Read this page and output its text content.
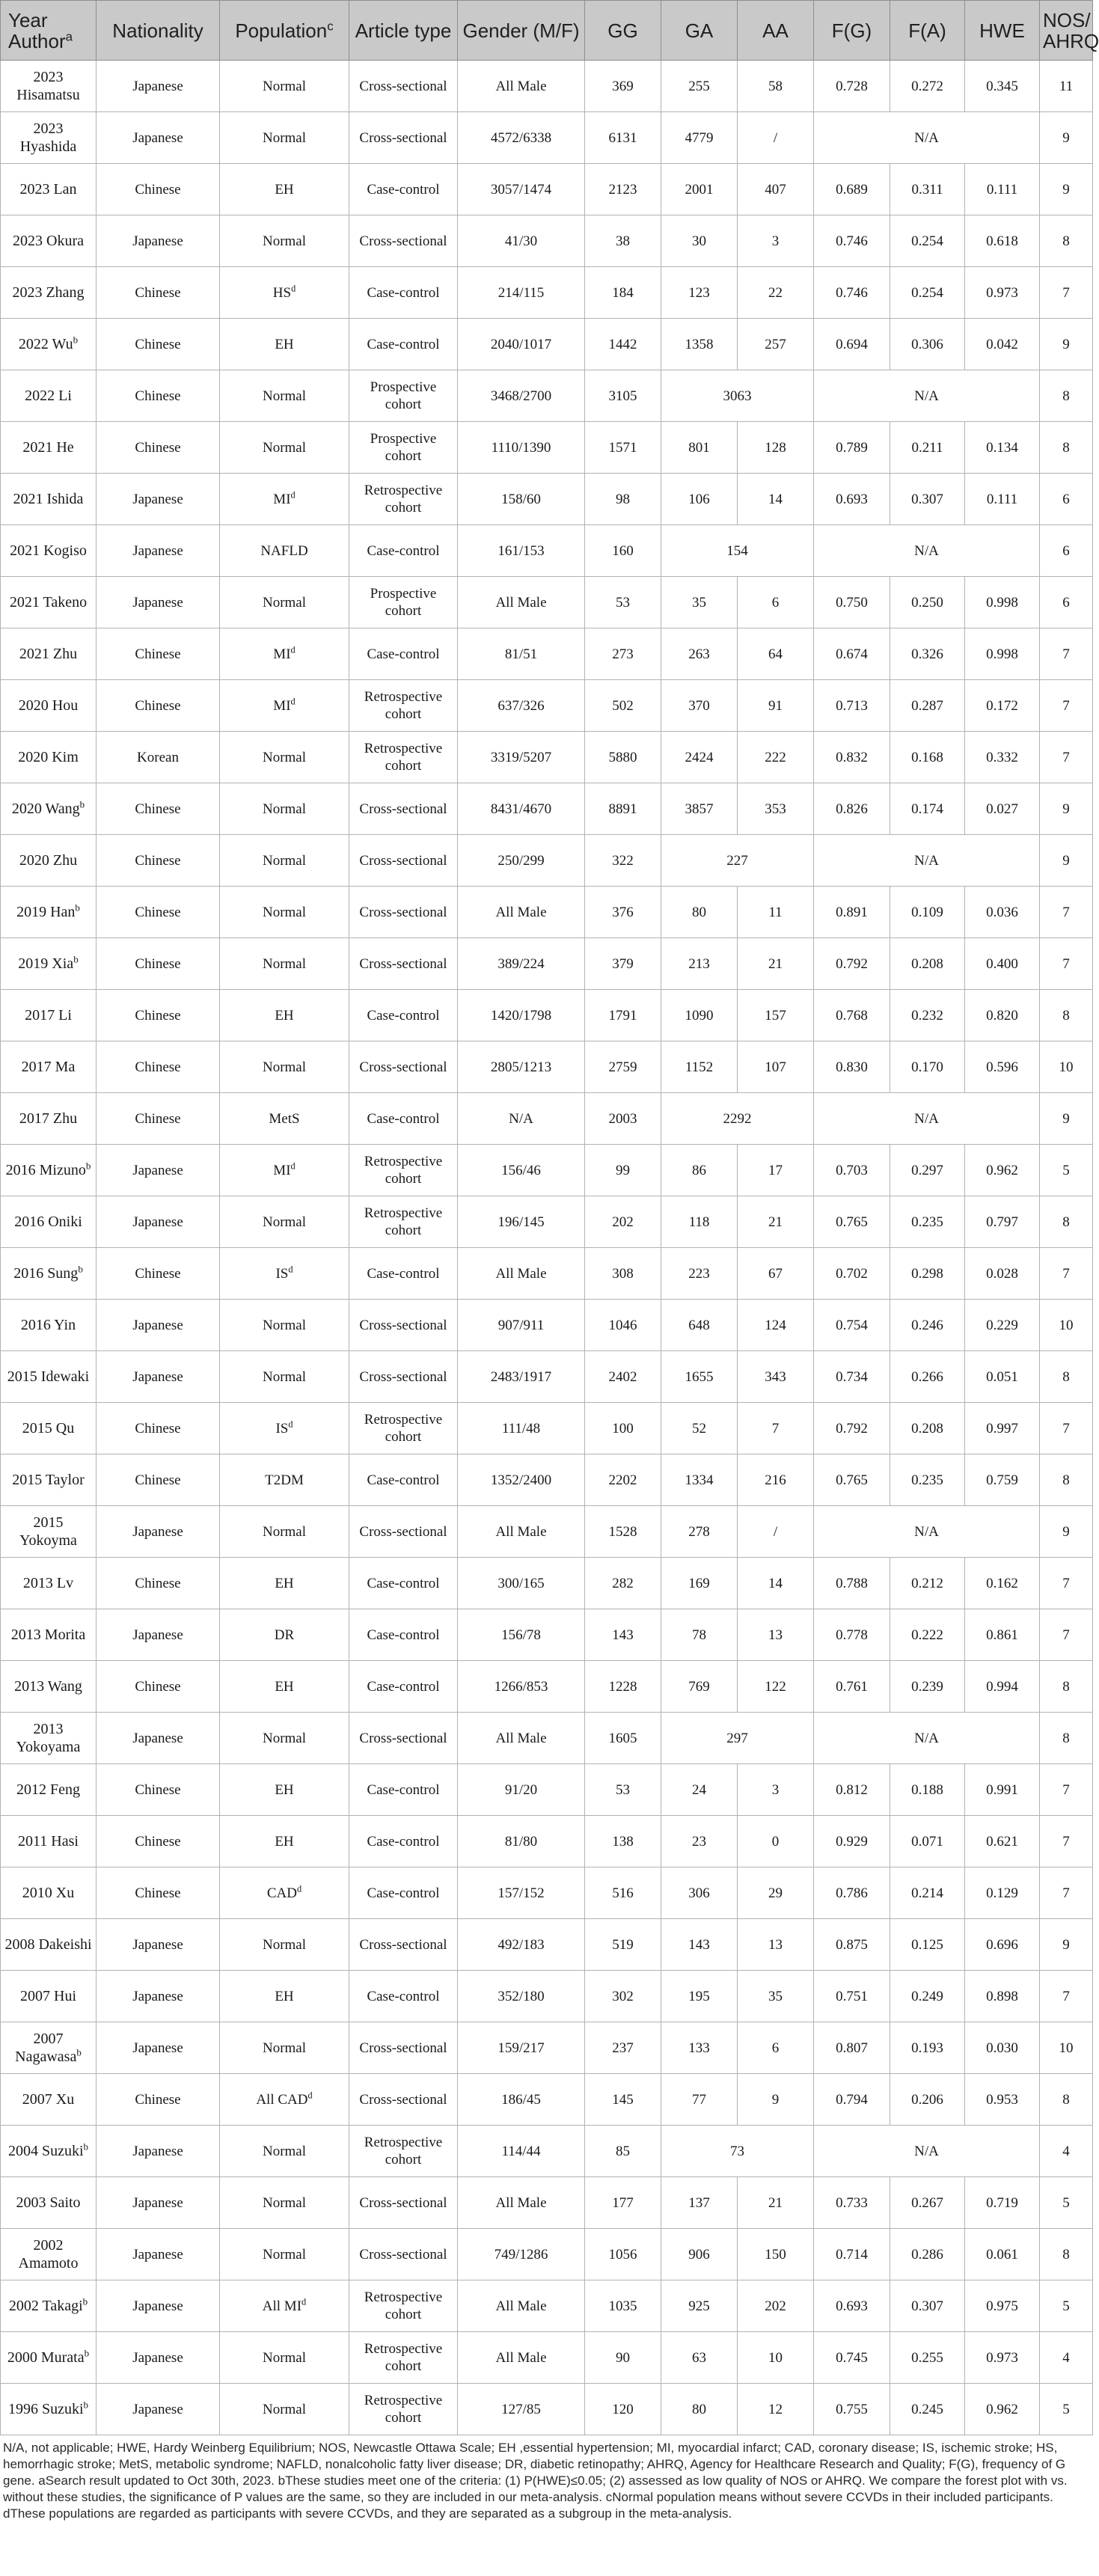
Year Author$^a$	Nationality	Population$^c$	Article type	Gender (M/F)	GG	GA	AA	F(G)	F(A)	HWE	NOS/ AHRQ
2023 Hisamatsu	Japanese	Normal	Cross-sectional	All Male	369	255	58	0.728	0.272	0.345	11
2023 Hyashida	Japanese	Normal	Cross-sectional	4572/6338	6131	4779	/	N/A			9
2023 Lan	Chinese	EH	Case-control	3057/1474	2123	2001	407	0.689	0.311	0.111	9
2023 Okura	Japanese	Normal	Cross-sectional	41/30	38	30	3	0.746	0.254	0.618	8
2023 Zhang	Chinese	$HS^d$	Case-control	214/115	184	123	22	0.746	0.254	0.973	7
2022 Wu$^b$	Chinese	EH	Case-control	2040/1017	1442	1358	257	0.694	0.306	0.042	9
2022 Li	Chinese	Normal	Prospective cohort	3468/2700	3105	3063		N/A			8
2021 He	Chinese	Normal	Prospective cohort	1110/1390	1571	801	128	0.789	0.211	0.134	8
2021 Ishida	Japanese	$MI^d$	Retrospective cohort	158/60	98	106	14	0.693	0.307	0.111	6
2021 Kogiso	Japanese	NAFLD	Case-control	161/153	160	154		N/A			6
2021 Takeno	Japanese	Normal	Prospective cohort	All Male	53	35	6	0.750	0.250	0.998	6
2021 Zhu	Chinese	$MI^d$	Case-control	81/51	273	263	64	0.674	0.326	0.998	7
2020 Hou	Chinese	$MI^d$	Retrospective cohort	637/326	502	370	91	0.713	0.287	0.172	7
2020 Kim	Korean	Normal	Retrospective cohort	3319/5207	5880	2424	222	0.832	0.168	0.332	7
2020 Wang$^b$	Chinese	Normal	Cross-sectional	8431/4670	8891	3857	353	0.826	0.174	0.027	9
2020 Zhu	Chinese	Normal	Cross-sectional	250/299	322	227		N/A			9
2019 Han$^b$	Chinese	Normal	Cross-sectional	All Male	376	80	11	0.891	0.109	0.036	7
2019 Xia$^b$	Chinese	Normal	Cross-sectional	389/224	379	213	21	0.792	0.208	0.400	7
2017 Li	Chinese	EH	Case-control	1420/1798	1791	1090	157	0.768	0.232	0.820	8
2017 Ma	Chinese	Normal	Cross-sectional	2805/1213	2759	1152	107	0.830	0.170	0.596	10
2017 Zhu	Chinese	MetS	Case-control	N/A	2003	2292		N/A			9
2016 Mizuno$^b$	Japanese	$MI^d$	Retrospective cohort	156/46	99	86	17	0.703	0.297	0.962	5
2016 Oniki	Japanese	Normal	Retrospective cohort	196/145	202	118	21	0.765	0.235	0.797	8
2016 Sung$^b$	Chinese	$IS^d$	Case-control	All Male	308	223	67	0.702	0.298	0.028	7
2016 Yin	Japanese	Normal	Cross-sectional	907/911	1046	648	124	0.754	0.246	0.229	10
2015 Idewaki	Japanese	Normal	Cross-sectional	2483/1917	2402	1655	343	0.734	0.266	0.051	8
2015 Qu	Chinese	$IS^d$	Retrospective cohort	111/48	100	52	7	0.792	0.208	0.997	7
2015 Taylor	Chinese	T2DM	Case-control	1352/2400	2202	1334	216	0.765	0.235	0.759	8
2015 Yokoyma	Japanese	Normal	Cross-sectional	All Male	1528	278	/	N/A			9
2013 Lv	Chinese	EH	Case-control	300/165	282	169	14	0.788	0.212	0.162	7
2013 Morita	Japanese	DR	Case-control	156/78	143	78	13	0.778	0.222	0.861	7
2013 Wang	Chinese	EH	Case-control	1266/853	1228	769	122	0.761	0.239	0.994	8
2013 Yokoyama	Japanese	Normal	Cross-sectional	All Male	1605	297		N/A			8
2012 Feng	Chinese	EH	Case-control	91/20	53	24	3	0.812	0.188	0.991	7
2011 Hasi	Chinese	EH	Case-control	81/80	138	23	0	0.929	0.071	0.621	7
2010 Xu	Chinese	CAD$^d$	Case-control	157/152	516	306	29	0.786	0.214	0.129	7
2008 Dakeishi	Japanese	Normal	Cross-sectional	492/183	519	143	13	0.875	0.125	0.696	9
2007 Hui	Japanese	EH	Case-control	352/180	302	195	35	0.751	0.249	0.898	7
2007 Nagawasa$^b$	Japanese	Normal	Cross-sectional	159/217	237	133	6	0.807	0.193	0.030	10
2007 Xu	Chinese	All CAD$^d$	Cross-sectional	186/45	145	77	9	0.794	0.206	0.953	8
2004 Suzuki$^b$	Japanese	Normal	Retrospective cohort	114/44	85	73		N/A			4
2003 Saito	Japanese	Normal	Cross-sectional	All Male	177	137	21	0.733	0.267	0.719	5
2002 Amamoto	Japanese	Normal	Cross-sectional	749/1286	1056	906	150	0.714	0.286	0.061	8
2002 Takagi$^b$	Japanese	All $MI^d$	Retrospective cohort	All Male	1035	925	202	0.693	0.307	0.975	5
2000 Murata$^b$	Japanese	Normal	Retrospective cohort	All Male	90	63	10	0.745	0.255	0.973	4
1996 Suzuki$^b$	Japanese	Normal	Retrospective cohort	127/85	120	80	12	0.755	0.245	0.962	5
N/A, not applicable; HWE, Hardy Weinberg Equilibrium; NOS, Newcastle Ottawa Scale; EH ,essential hypertension; MI, myocardial infarct; CAD, coronary disease; IS, ischemic stroke; HS, hemorrhagic stroke; MetS, metabolic syndrome; NAFLD, nonalcoholic fatty liver disease; DR, diabetic retinopathy; AHRQ, Agency for Healthcare Research and Quality; F(G), frequency of G gene. aSearch result updated to Oct 30th, 2023. bThese studies meet one of the criteria: (1) P(HWE)≤0.05; (2) assessed as low quality of NOS or AHRQ. We compare the forest plot with vs. without these studies, the significance of P values are the same, so they are included in our meta-analysis. cNormal population means without severe CCVDs in their included participants. dThese populations are regarded as participants with severe CCVDs, and they are separated as a subgroup in the meta-analysis.
